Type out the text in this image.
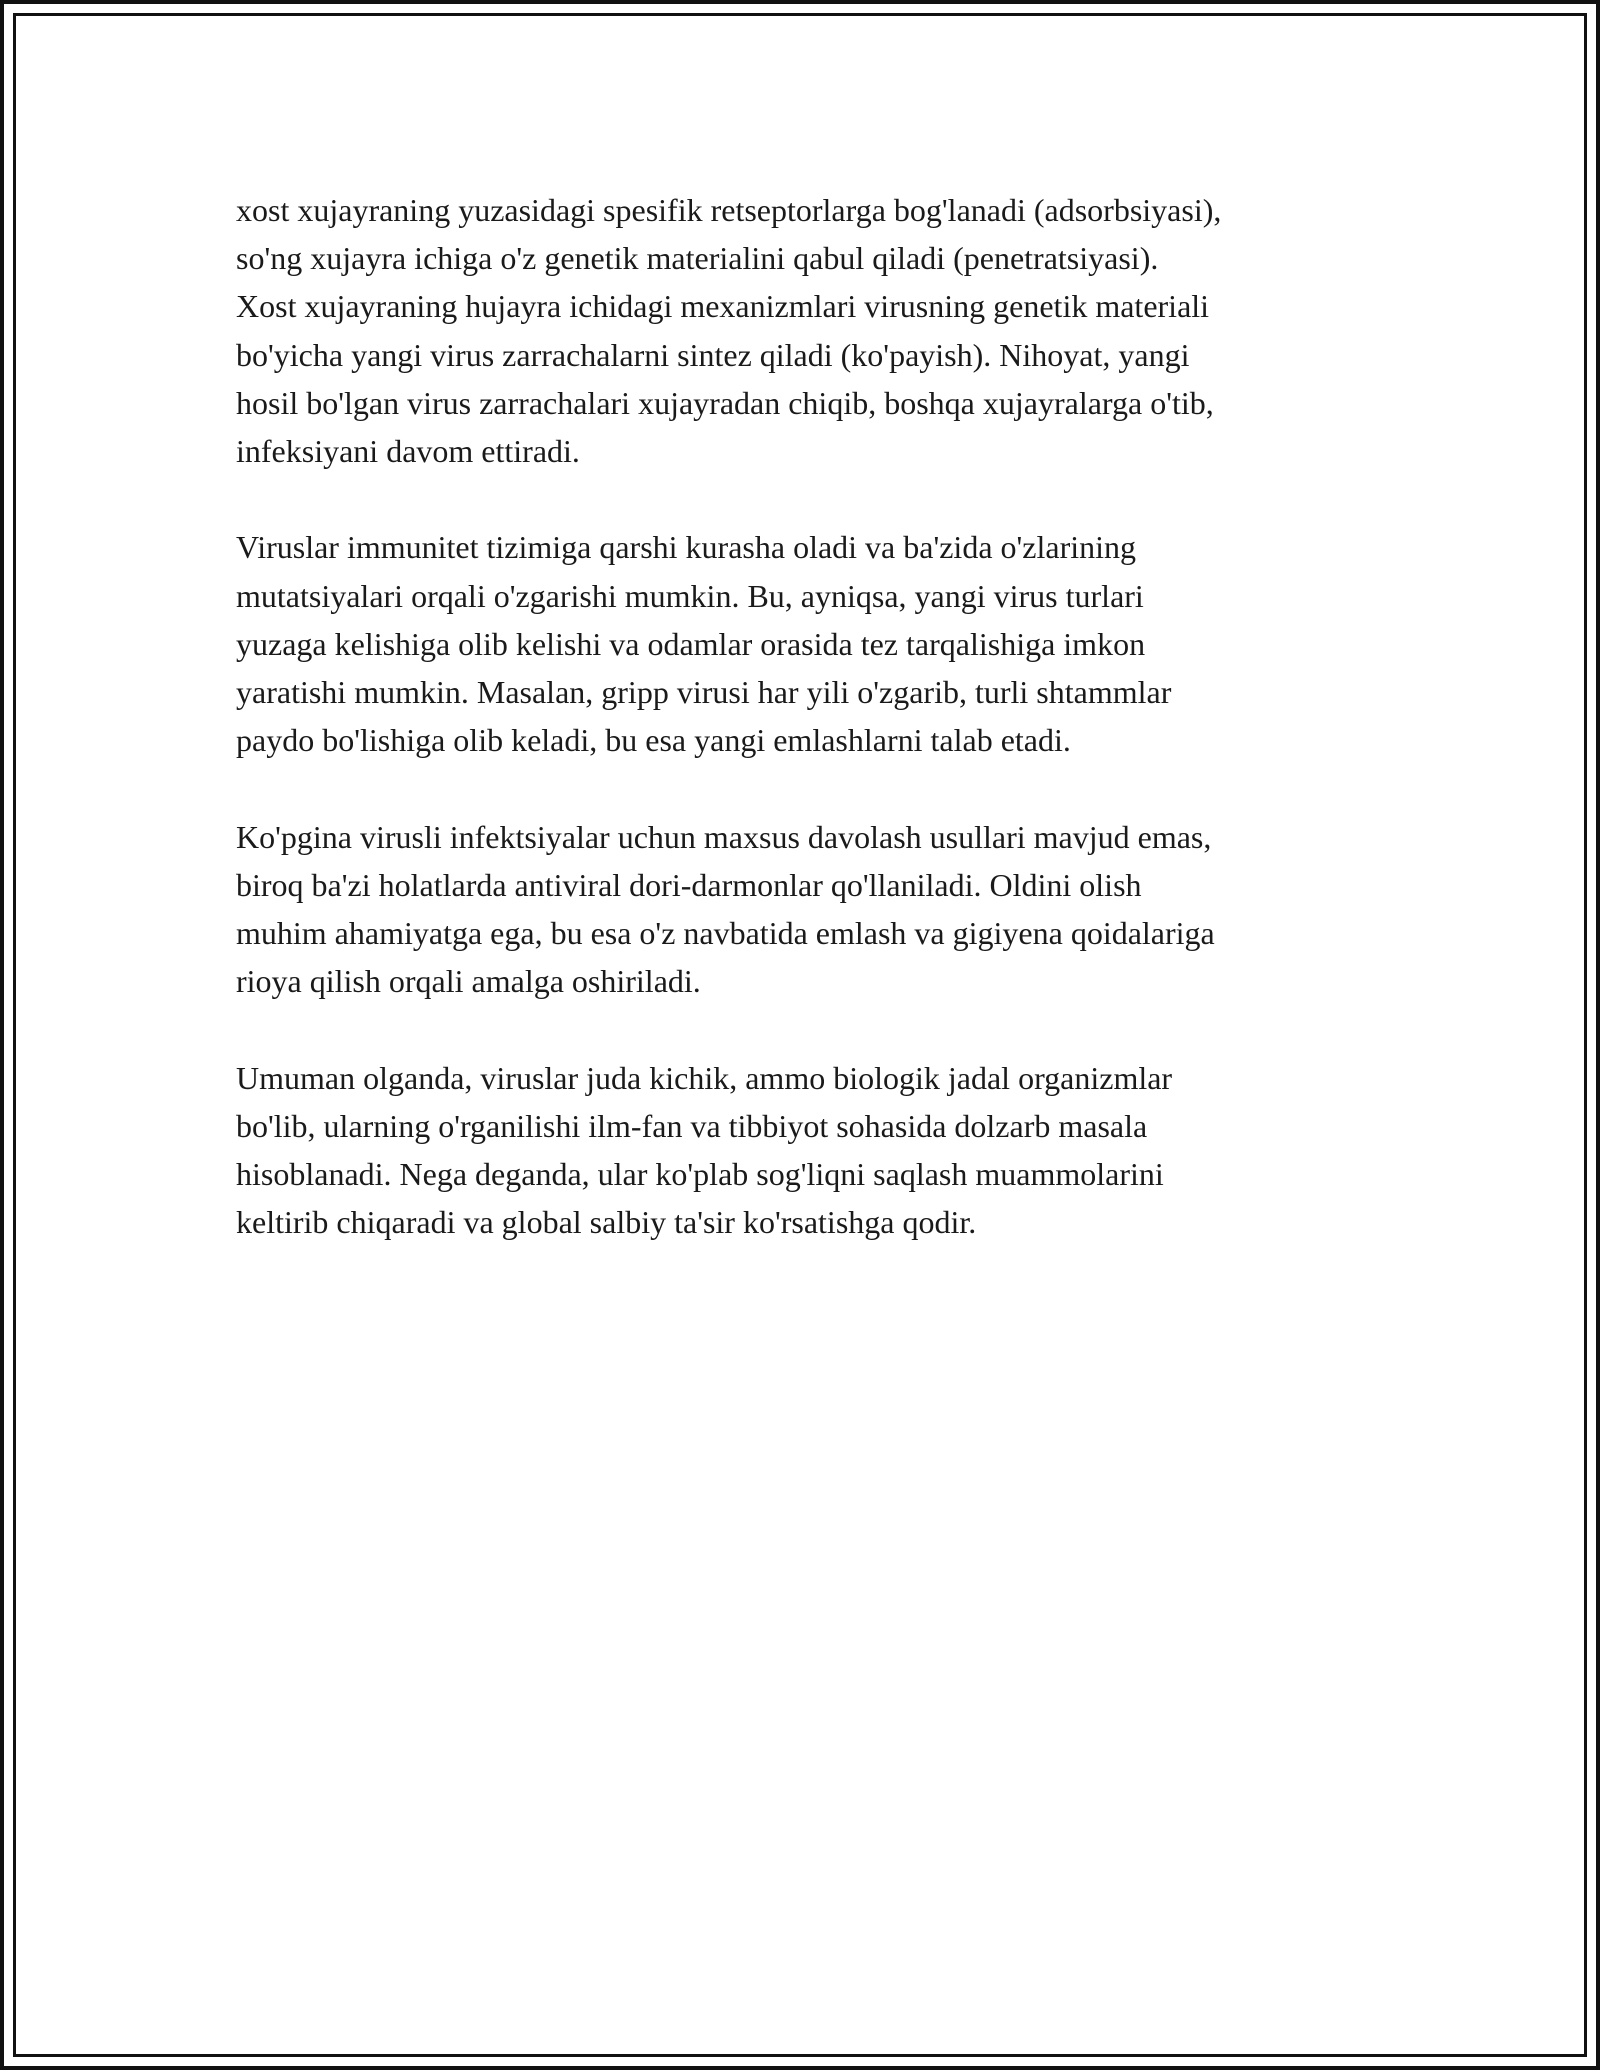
xost xujayraning yuzasidagi spesifik retseptorlarga bog'lanadi (adsorbsiyasi),
so'ng xujayra ichiga o'z genetik materialini qabul qiladi (penetratsiyasi).
Xost xujayraning hujayra ichidagi mexanizmlari virusning genetik materiali
bo'yicha yangi virus zarrachalarni sintez qiladi (ko'payish). Nihoyat, yangi
hosil bo'lgan virus zarrachalari xujayradan chiqib, boshqa xujayralarga o'tib,
infeksiyani davom ettiradi.

Viruslar immunitet tizimiga qarshi kurasha oladi va ba'zida o'zlarining
mutatsiyalari orqali o'zgarishi mumkin. Bu, ayniqsa, yangi virus turlari
yuzaga kelishiga olib kelishi va odamlar orasida tez tarqalishiga imkon
yaratishi mumkin. Masalan, gripp virusi har yili o'zgarib, turli shtammlar
paydo bo'lishiga olib keladi, bu esa yangi emlashlarni talab etadi.

Ko'pgina virusli infektsiyalar uchun maxsus davolash usullari mavjud emas,
biroq ba'zi holatlarda antiviral dori-darmonlar qo'llaniladi. Oldini olish
muhim ahamiyatga ega, bu esa o'z navbatida emlash va gigiyena qoidalariga
rioya qilish orqali amalga oshiriladi.

Umuman olganda, viruslar juda kichik, ammo biologik jadal organizmlar
bo'lib, ularning o'rganilishi ilm-fan va tibbiyot sohasida dolzarb masala
hisoblanadi. Nega deganda, ular ko'plab sog'liqni saqlash muammolarini
keltirib chiqaradi va global salbiy ta'sir ko'rsatishga qodir.
